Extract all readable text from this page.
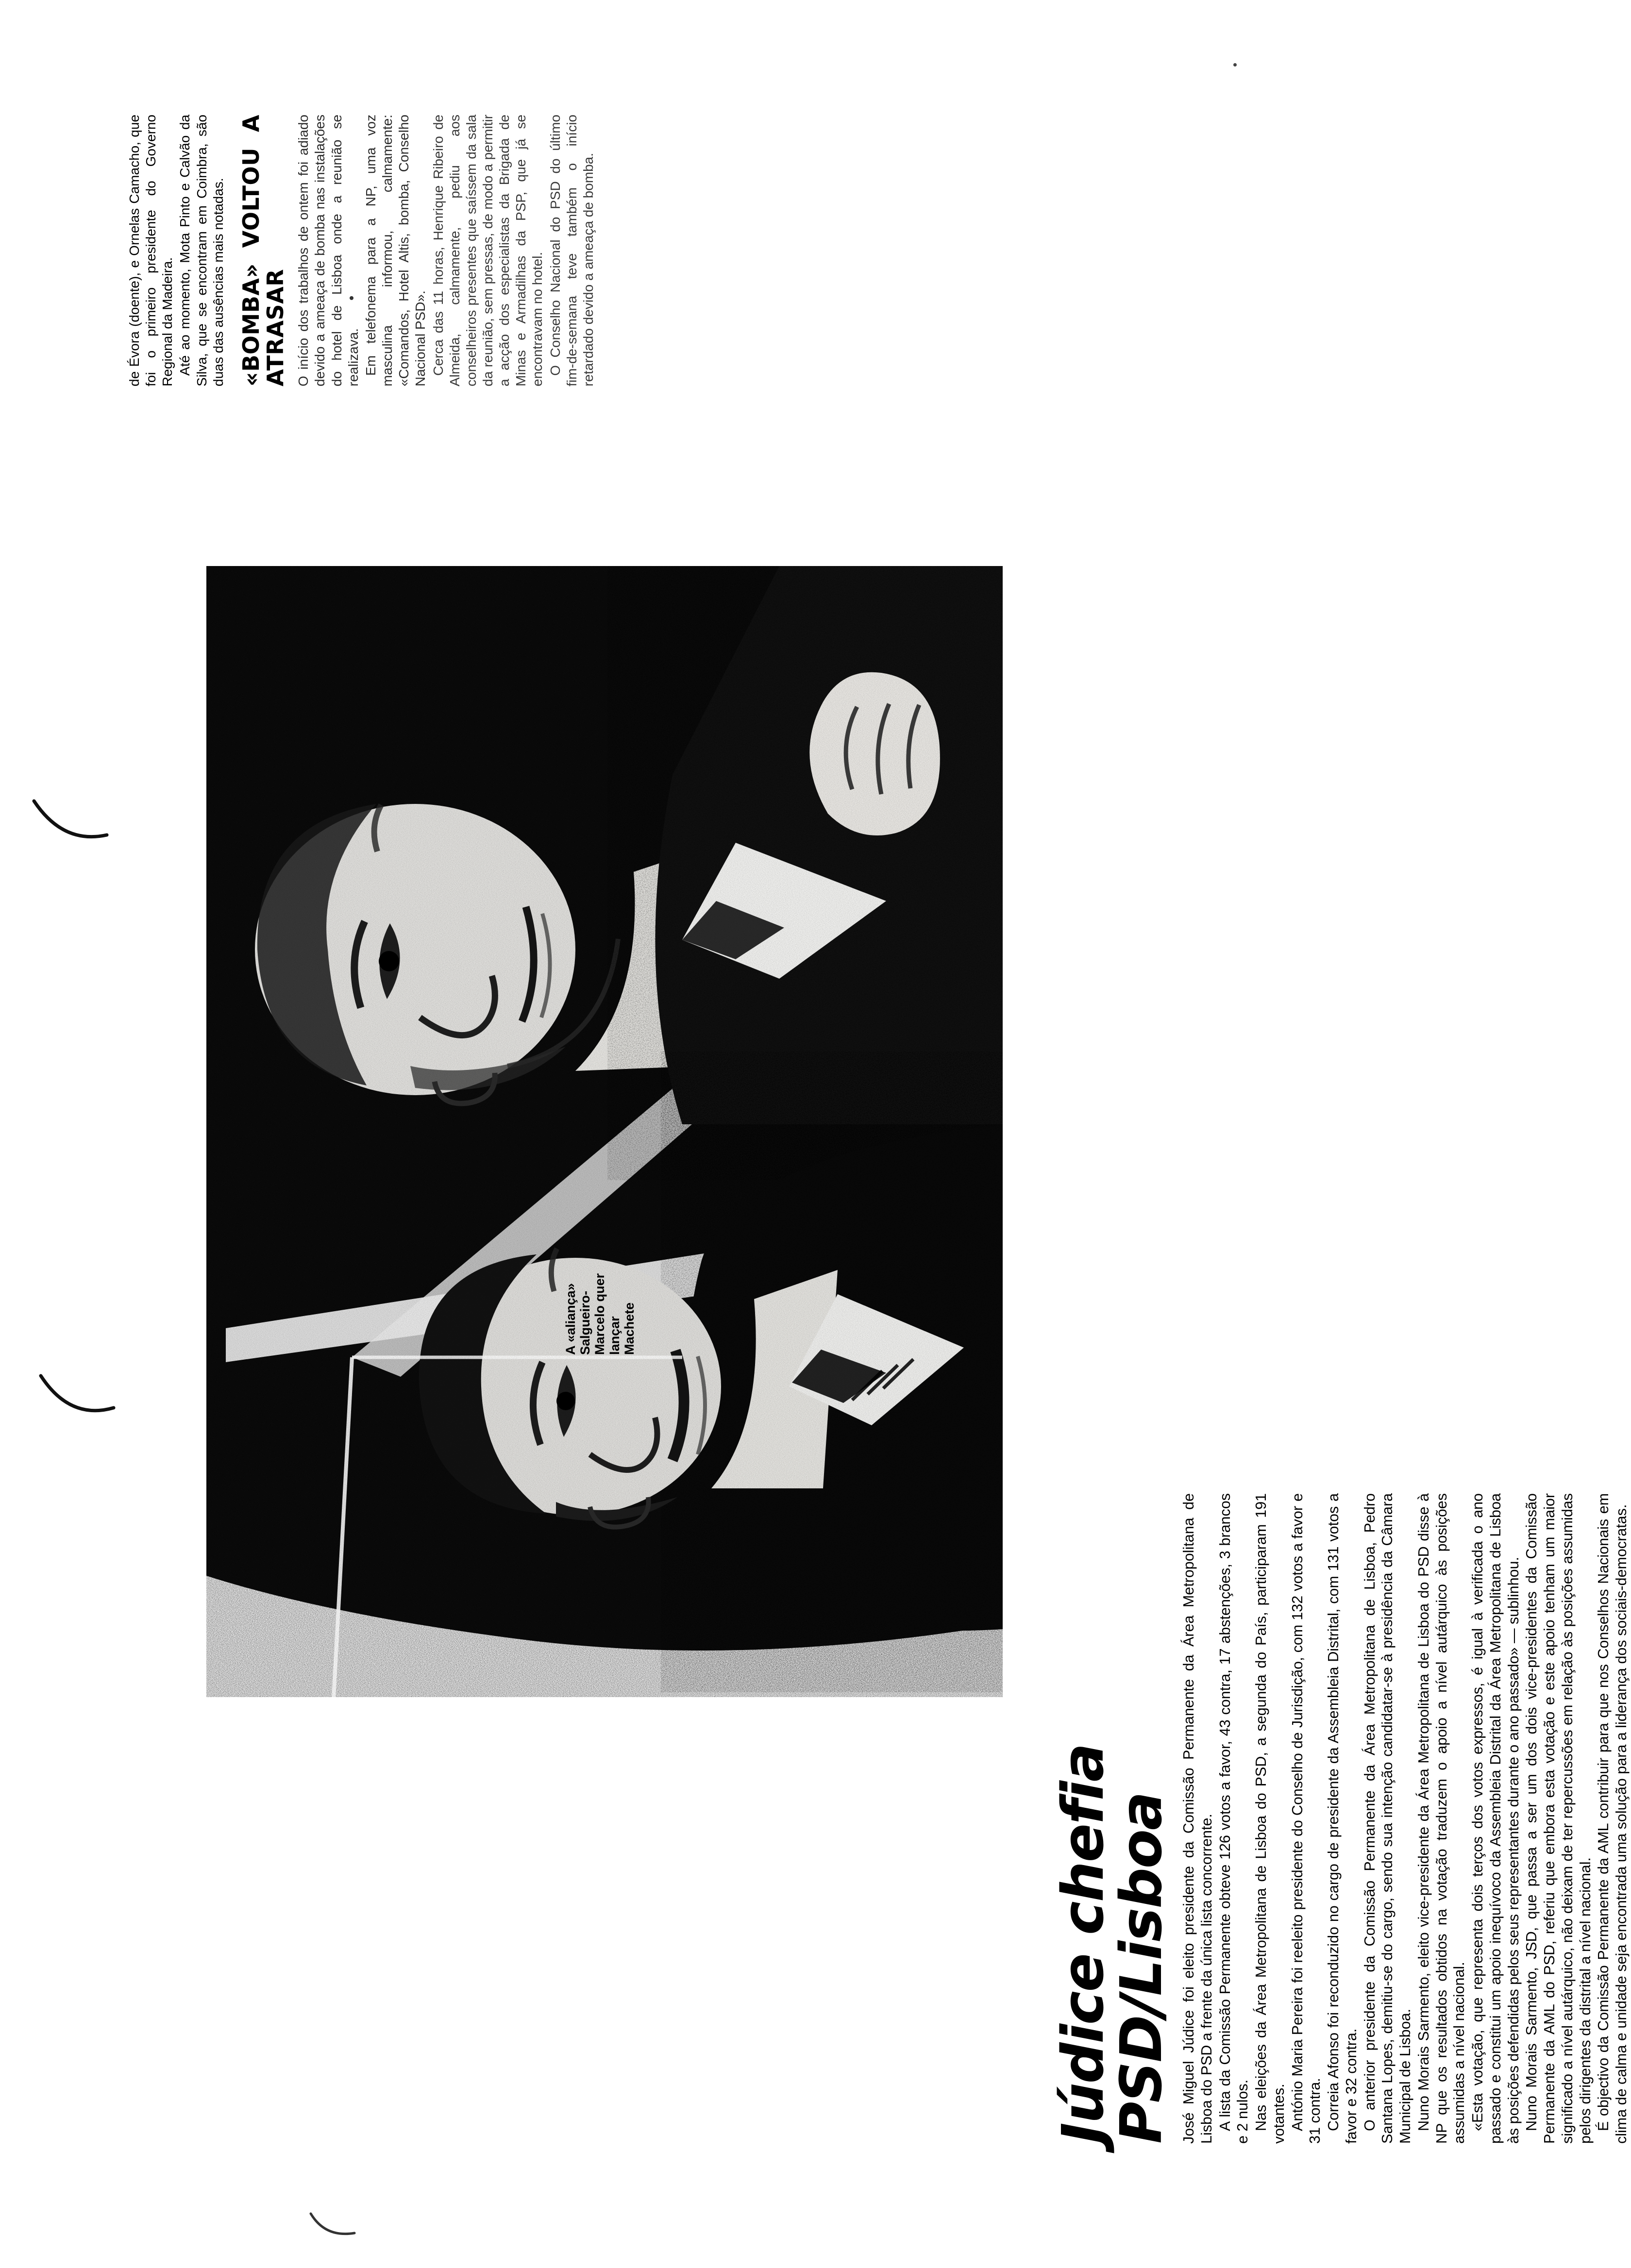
Júdice chefia
PSD/Lisboa José Miguel Júdice foi eleito presidente da Comissão Permanente da Área Metropolitana de Lisboa do PSD a frente da única lista concorrente. A lista da Comissão Permanente obteve 126 votos a favor, 43 contra, 17 abstenções, 3 brancos e 2 nulos. Nas eleições da Área Metropolitana de Lisboa do PSD, a segunda do País, participaram 191 votantes. António Maria Pereira foi reeleito presidente do Conselho de Jurisdição, com 132 votos a favor e 31 contra. Correia Afonso foi reconduzido no cargo de presidente da Assembleia Distrital, com 131 votos a favor e 32 contra. O anterior presidente da Comissão Permanente da Área Metropolitana de Lisboa, Pedro Santana Lopes, demitiu-se do cargo, sendo sua intenção candidatar-se à presidência da Câmara Municipal de Lisboa. Nuno Morais Sarmento, eleito vice-presidente da Área Metropolitana de Lisboa do PSD disse à NP que os resultados obtidos na votação traduzem o apoio a nível autárquico às posições assumidas a nível nacional. «Esta votação, que representa dois terços dos votos expressos, é igual à verificada o ano passado e constitui um apoio inequívoco da Assembleia Distrital da Área Metropolitana de Lisboa às posições defendidas pelos seus representantes durante o ano passado» — sublinhou. Nuno Morais Sarmento, JSD, que passa a ser um dos dois vice-presidentes da Comissão Permanente da AML do PSD, referiu que embora esta votação e este apoio tenham um maior significado a nível autárquico, não deixam de ter repercussões em relação às posições assumidas pelos dirigentes da distrital a nível nacional. É objectivo da Comissão Permanente da AML contribuir para que nos Conselhos Nacionais em clima de calma e unidade seja encontrada uma solução para a liderança dos sociais-democratas.

A «aliança» Salgueiro-Marcelo quer lançar Machete

de Évora (doente), e Ornelas Camacho, que foi o primeiro presidente do Governo Regional da Madeira. Até ao momento, Mota Pinto e Calvão da Silva, que se encontram em Coimbra, são duas das ausências mais notadas. «BOMBA» VOLTOU A ATRASAR O início dos trabalhos de ontem foi adiado devido a ameaça de bomba nas instalações do hotel de Lisboa onde a reunião se realizava. Em telefonema para a NP, uma voz masculina informou, calmamente: «Comandos, Hotel Altis, bomba, Conselho Nacional PSD». Cerca das 11 horas, Henrique Ribeiro de Almeida, calmamente, pediu aos conselheiros presentes que saíssem da sala da reunião, sem pressas, de modo a permitir a acção dos especialistas da Brigada de Minas e Armadilhas da PSP, que já se encontravam no hotel. O Conselho Nacional do PSD do último fim-de-semana teve também o início retardado devido a ameaça de bomba.
